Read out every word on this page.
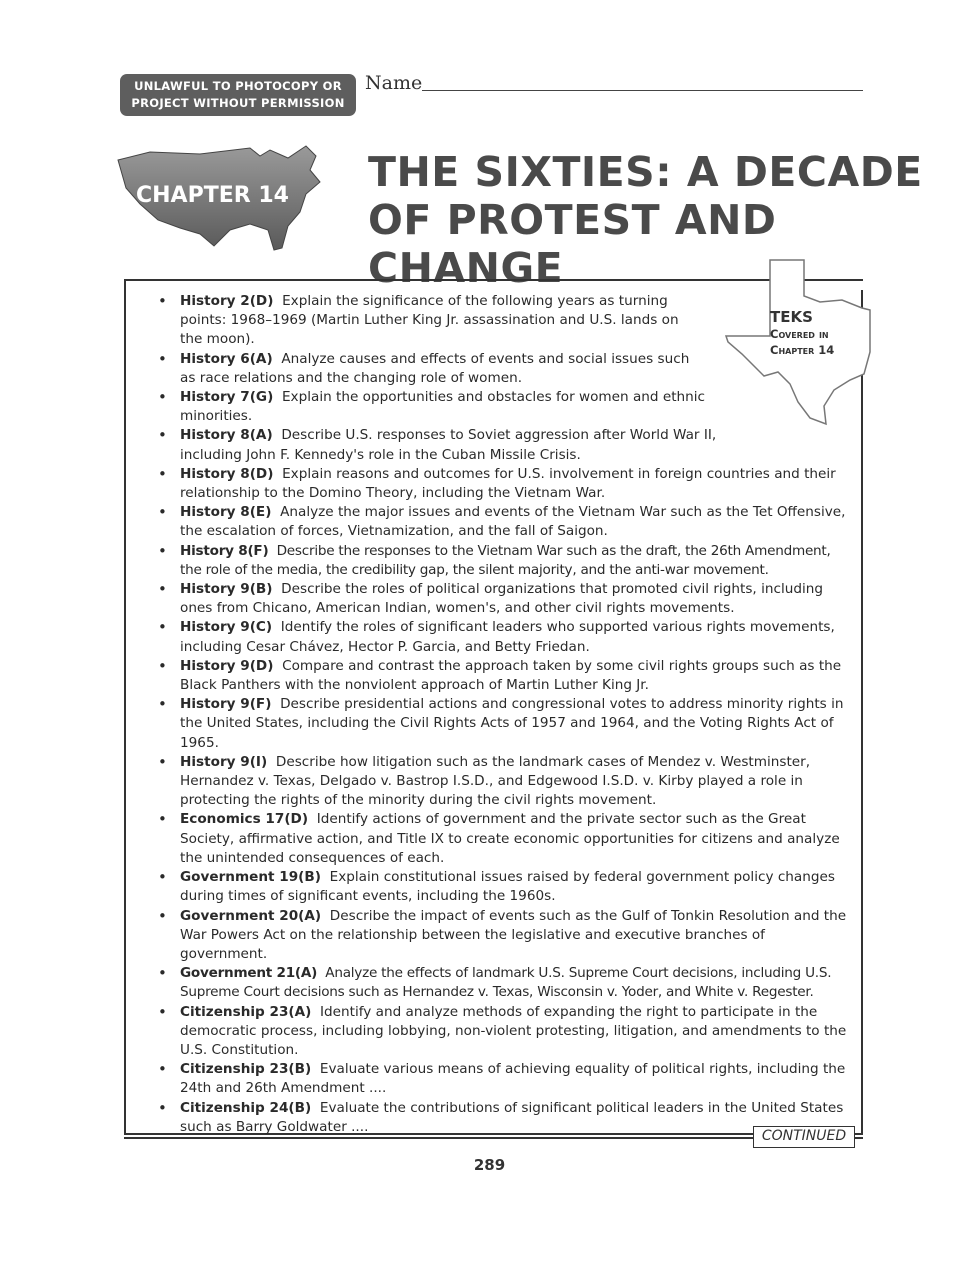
UNLAWFUL TO PHOTOCOPY OR
PROJECT WITHOUT PERMISSION
Name
CHAPTER 14 THE SIXTIES: A DECADE
OF PROTEST AND CHANGE
TEKS
Covered in
Chapter 14
• History 2(D) Explain the significance of the following years as turning points: 1968–1969 (Martin Luther King Jr. assassination and U.S. lands on the moon).
• History 6(A) Analyze causes and effects of events and social issues such as race relations and the changing role of women.
• History 7(G) Explain the opportunities and obstacles for women and ethnic minorities.
• History 8(A) Describe U.S. responses to Soviet aggression after World War II, including John F. Kennedy's role in the Cuban Missile Crisis.
• History 8(D) Explain reasons and outcomes for U.S. involvement in foreign countries and their relationship to the Domino Theory, including the Vietnam War.
• History 8(E) Analyze the major issues and events of the Vietnam War such as the Tet Offensive, the escalation of forces, Vietnamization, and the fall of Saigon.
• History 8(F) Describe the responses to the Vietnam War such as the draft, the 26th Amendment, the role of the media, the credibility gap, the silent majority, and the anti-war movement.
• History 9(B) Describe the roles of political organizations that promoted civil rights, including ones from Chicano, American Indian, women's, and other civil rights movements.
• History 9(C) Identify the roles of significant leaders who supported various rights movements, including Cesar Chávez, Hector P. Garcia, and Betty Friedan.
• History 9(D) Compare and contrast the approach taken by some civil rights groups such as the Black Panthers with the nonviolent approach of Martin Luther King Jr.
• History 9(F) Describe presidential actions and congressional votes to address minority rights in the United States, including the Civil Rights Acts of 1957 and 1964, and the Voting Rights Act of 1965.
• History 9(I) Describe how litigation such as the landmark cases of Mendez v. Westminster, Hernandez v. Texas, Delgado v. Bastrop I.S.D., and Edgewood I.S.D. v. Kirby played a role in protecting the rights of the minority during the civil rights movement.
• Economics 17(D) Identify actions of government and the private sector such as the Great Society, affirmative action, and Title IX to create economic opportunities for citizens and analyze the unintended consequences of each.
• Government 19(B) Explain constitutional issues raised by federal government policy changes during times of significant events, including the 1960s.
• Government 20(A) Describe the impact of events such as the Gulf of Tonkin Resolution and the War Powers Act on the relationship between the legislative and executive branches of government.
• Government 21(A) Analyze the effects of landmark U.S. Supreme Court decisions, including U.S. Supreme Court decisions such as Hernandez v. Texas, Wisconsin v. Yoder, and White v. Regester.
• Citizenship 23(A) Identify and analyze methods of expanding the right to participate in the democratic process, including lobbying, non-violent protesting, litigation, and amendments to the U.S. Constitution.
• Citizenship 23(B) Evaluate various means of achieving equality of political rights, including the 24th and 26th Amendment ....
• Citizenship 24(B) Evaluate the contributions of significant political leaders in the United States such as Barry Goldwater ....
CONTINUED
289
